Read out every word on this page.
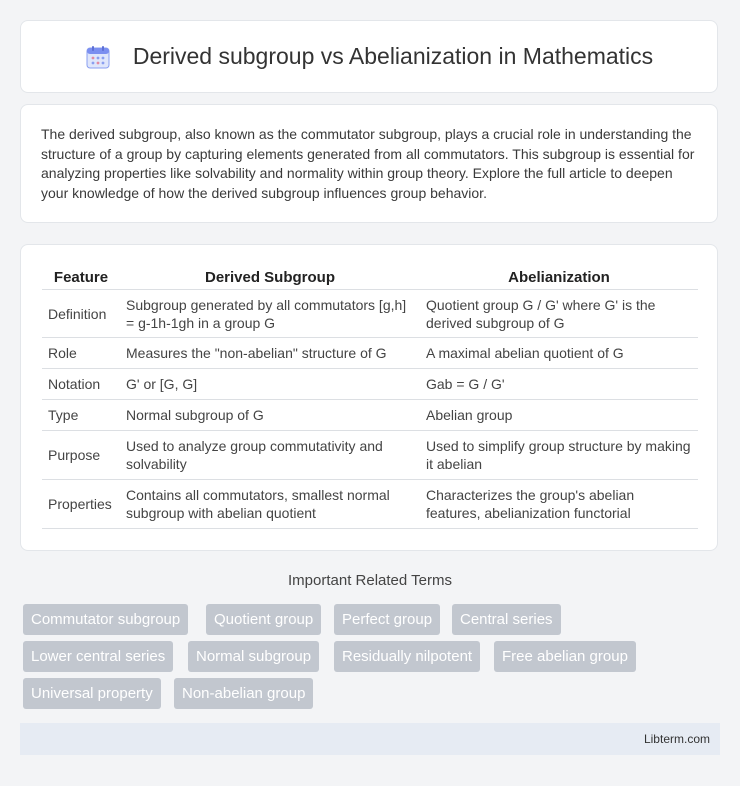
Derived subgroup vs Abelianization in Mathematics

The derived subgroup, also known as the commutator subgroup, plays a crucial role in understanding the structure of a group by capturing elements generated from all commutators. This subgroup is essential for analyzing properties like solvability and normality within group theory. Explore the full article to deepen your knowledge of how the derived subgroup influences group behavior.

Feature	Derived Subgroup	Abelianization
Definition	Subgroup generated by all commutators [g,h] = g-1h-1gh in a group G	Quotient group G / G' where G' is the derived subgroup of G
Role	Measures the "non-abelian" structure of G	A maximal abelian quotient of G
Notation	G' or [G, G]	Gab = G / G'
Type	Normal subgroup of G	Abelian group
Purpose	Used to analyze group commutativity and solvability	Used to simplify group structure by making it abelian
Properties	Contains all commutators, smallest normal subgroup with abelian quotient	Characterizes the group's abelian features, abelianization functorial
Important Related Terms
Commutator subgroup	Quotient group	Perfect group	Central series
Lower central series	Normal subgroup	Residually nilpotent	Free abelian group
Universal property	Non-abelian group
Libterm.com
